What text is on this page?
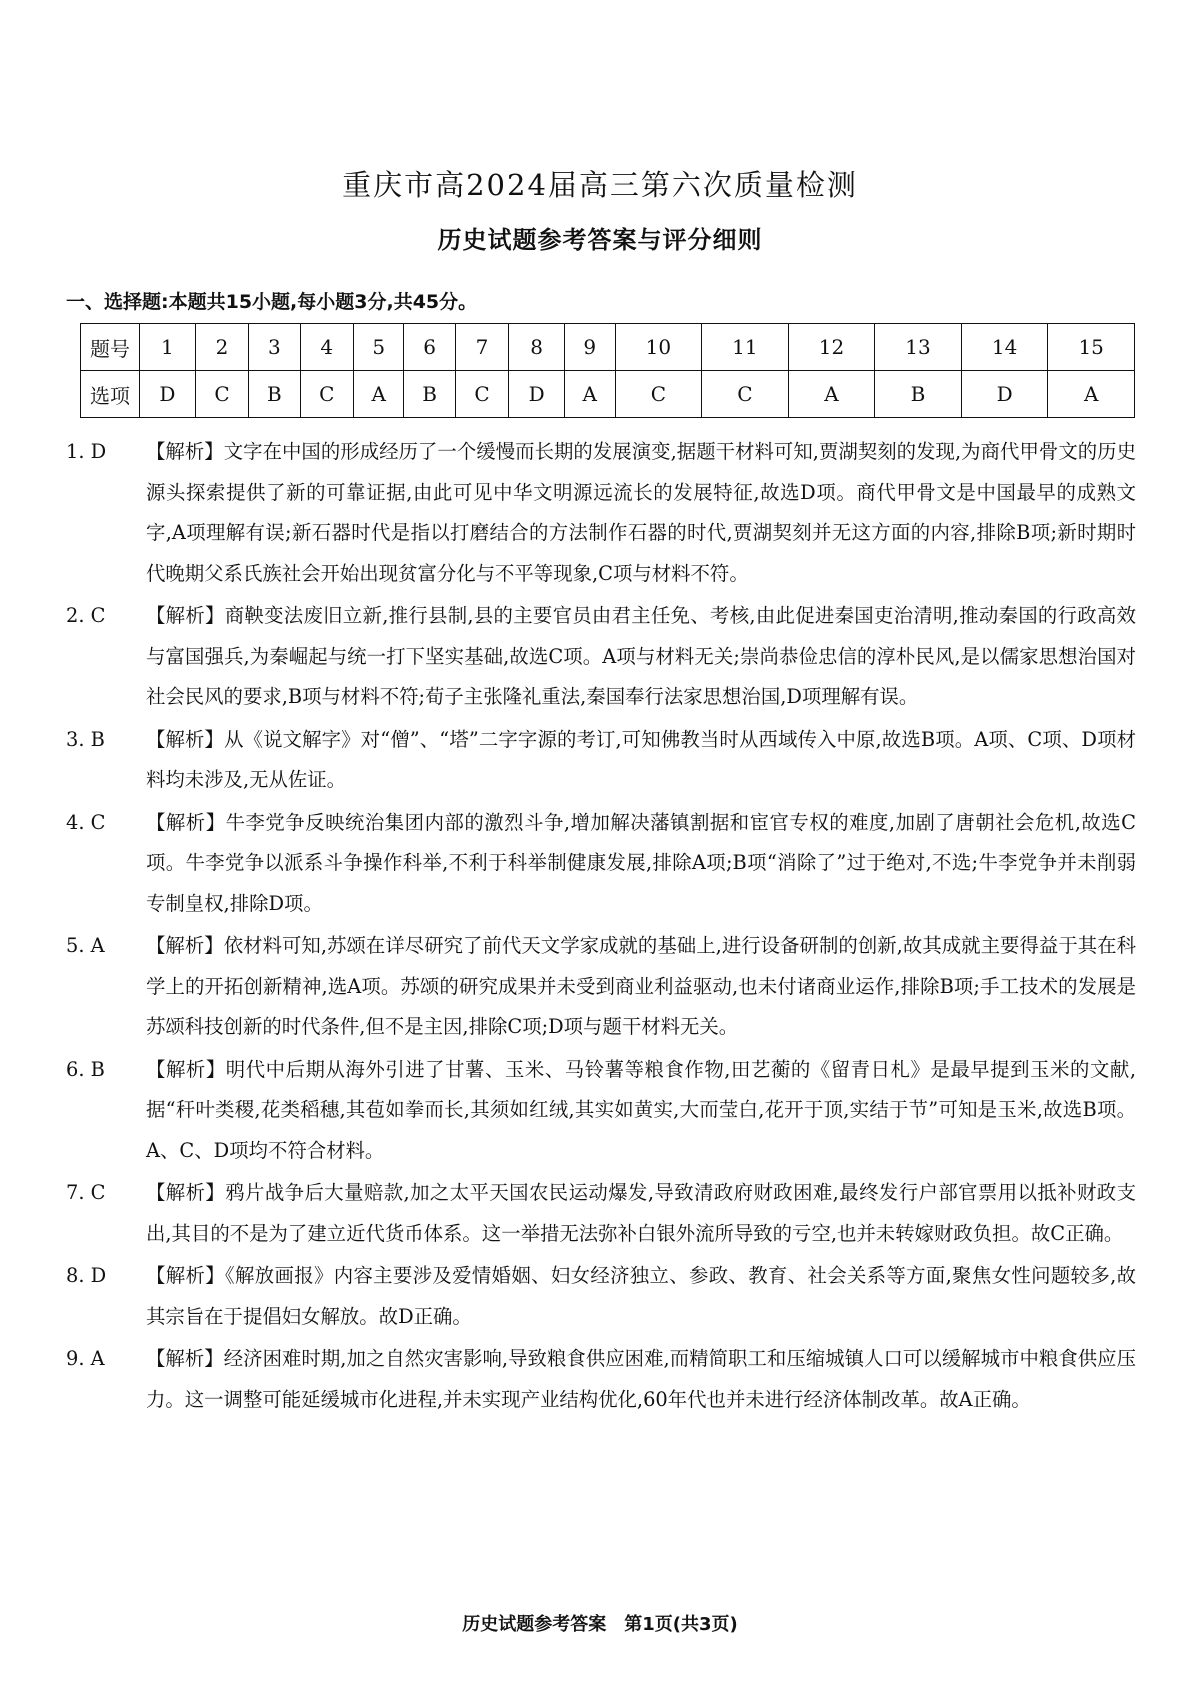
重庆市高2024届高三第六次质量检测
历史试题参考答案与评分细则
一、选择题:本题共15小题,每小题3分,共45分。
题号	1	2	3	4	5	6	7	8	9	10	11	12	13	14	15
选项	D	C	B	C	A	B	C	D	A	C	C	A	B	D	A
1. D	【解析】文字在中国的形成经历了一个缓慢而长期的发展演变,据题干材料可知,贾湖契刻的发现,为商代甲骨文的历史源头探索提供了新的可靠证据,由此可见中华文明源远流长的发展特征,故选D项。商代甲骨文是中国最早的成熟文字,A项理解有误;新石器时代是指以打磨结合的方法制作石器的时代,贾湖契刻并无这方面的内容,排除B项;新时期时代晚期父系氏族社会开始出现贫富分化与不平等现象,C项与材料不符。
2. C	【解析】商鞅变法废旧立新,推行县制,县的主要官员由君主任免、考核,由此促进秦国吏治清明,推动秦国的行政高效与富国强兵,为秦崛起与统一打下坚实基础,故选C项。A项与材料无关;崇尚恭俭忠信的淳朴民风,是以儒家思想治国对社会民风的要求,B项与材料不符;荀子主张隆礼重法,秦国奉行法家思想治国,D项理解有误。
3. B	【解析】从《说文解字》对“僧”、“塔”二字字源的考订,可知佛教当时从西域传入中原,故选B项。A项、C项、D项材料均未涉及,无从佐证。
4. C	【解析】牛李党争反映统治集团内部的激烈斗争,增加解决藩镇割据和宦官专权的难度,加剧了唐朝社会危机,故选C项。牛李党争以派系斗争操作科举,不利于科举制健康发展,排除A项;B项“消除了”过于绝对,不选;牛李党争并未削弱专制皇权,排除D项。
5. A	【解析】依材料可知,苏颂在详尽研究了前代天文学家成就的基础上,进行设备研制的创新,故其成就主要得益于其在科学上的开拓创新精神,选A项。苏颂的研究成果并未受到商业利益驱动,也未付诸商业运作,排除B项;手工技术的发展是苏颂科技创新的时代条件,但不是主因,排除C项;D项与题干材料无关。
6. B	【解析】明代中后期从海外引进了甘薯、玉米、马铃薯等粮食作物,田艺蘅的《留青日札》是最早提到玉米的文献,据“秆叶类稷,花类稻穗,其苞如拳而长,其须如红绒,其实如黄实,大而莹白,花开于顶,实结于节”可知是玉米,故选B项。A、C、D项均不符合材料。
7. C	【解析】鸦片战争后大量赔款,加之太平天国农民运动爆发,导致清政府财政困难,最终发行户部官票用以抵补财政支出,其目的不是为了建立近代货币体系。这一举措无法弥补白银外流所导致的亏空,也并未转嫁财政负担。故C正确。
8. D	【解析】《解放画报》内容主要涉及爱情婚姻、妇女经济独立、参政、教育、社会关系等方面,聚焦女性问题较多,故其宗旨在于提倡妇女解放。故D正确。
9. A	【解析】经济困难时期,加之自然灾害影响,导致粮食供应困难,而精简职工和压缩城镇人口可以缓解城市中粮食供应压力。这一调整可能延缓城市化进程,并未实现产业结构优化,60年代也并未进行经济体制改革。故A正确。
历史试题参考答案　第1页(共3页)
